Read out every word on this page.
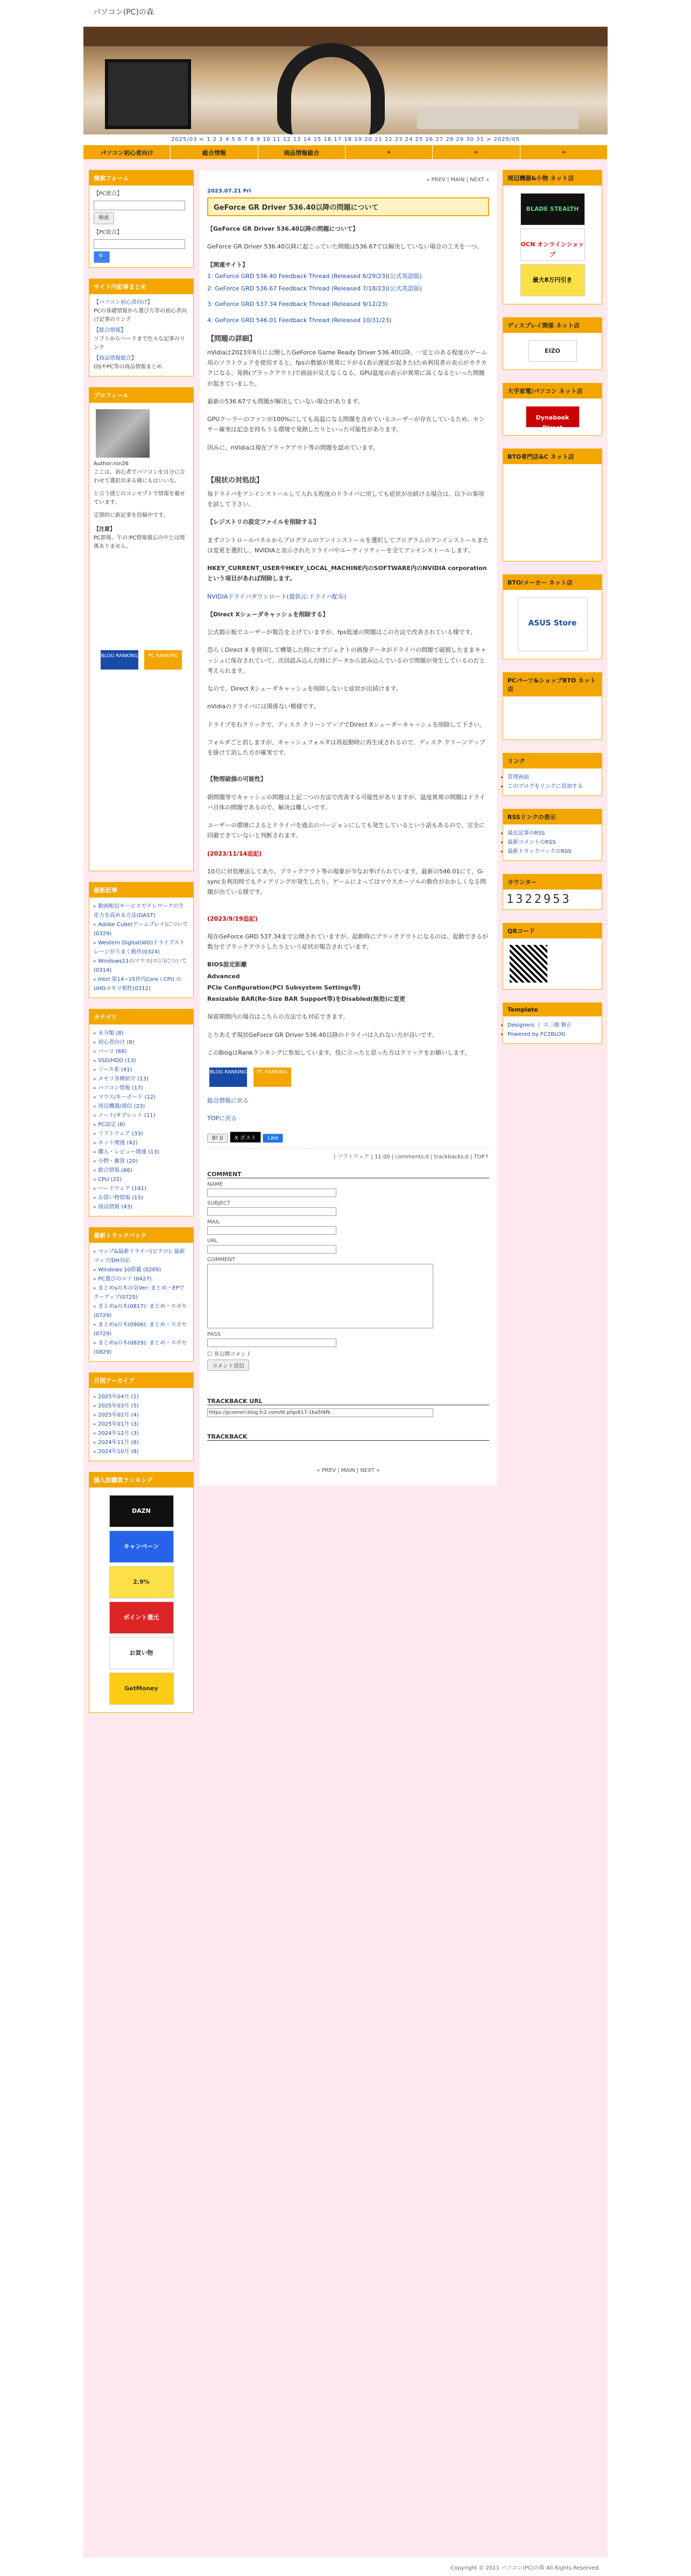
パソコン(PC)の森
2025/03 < 1 2 3 4 5 6 7 8 9 10 11 12 13 14 15 16 17 18 19 20 21 22 23 24 25 26 27 28 29 30 31 > 2025/05
パソコン初心者向け	総合情報	商品情報総合	»	»	»
検索フォーム
【PC総合】
検索
【PC総合】
🔍
サイト内記事まとめ
【パソコン初心者向け】
PCの基礎情報から選び方等の初心者向け記事のリンク
【総合情報】
ソフトからハードまで色々な記事のリンク
【商品情報総合】
OSやPC等の商品情報まとめ
プロフィール
Author:nin26
ここは、初心者でパソコンを自分に合わせて選択出来る様にもはいいな。
と言う感じのコンセプトで情報を載せています。
定期的に新記事を投稿中です。
【注意】
PC即報、午の:PC情報備忘の中とは関係ありません。
BLOG RANKING PC RANKING
最新記事
▸ 動画配信サービスでテレワークの生産力を高める方法(DAST)
▸ Adobe Cube(ゲームプレイ)について(0329)
▸ Western Digital(WD)ドライブストレージがうまく動作(0324)
▸ Windows11のマウス(ロジ)について(0314)
▸ Intel 第14~15世代Core i CPU のUHDメモリ相性(0312)
カテゴリ
▸ 未分類 (8)
▸ 初心者向け (8)
▸ パーツ (68)
▸ SSD/HDD (13)
▸ ソース系 (41)
▸ メモリ各種紹介 (13)
▸ パソコン情報 (17)
▸ マウス/キーボード (12)
▸ 周辺機器/通信 (23)
▸ ノート/タブレット (11)
▸ PC設定 (8)
▸ ソフトウェア (33)
▸ ネット関連 (42)
▸ 購入・レビュー関連 (13)
▸ 小物・雑貨 (20)
▸ 総合情報 (66)
▸ CPU (22)
▸ ハードウェア (191)
▸ お買い物情報 (15)
▸ 商品情報 (43)
最新トラックバック
▸ マップ&最新ドライバ(ピクロ): 最新マップ/DH対応
▸ Windows 10搭載 (0209)
▸ PC選びのコツ (0427)
▸ まとめsの木の気Ver: まとめ・EPでクーアップ(0725)
▸ まとめsの木(0817): まとめ・スポセ(0729)
▸ まとめsの木(0906): まとめ・スポセ(0729)
▸ まとめsの木(0829): まとめ・スポセ(0829)
月別アーカイブ
▸ 2025年04月 (1)
▸ 2025年03月 (5)
▸ 2025年02月 (4)
▸ 2025年01月 (3)
▸ 2024年12月 (3)
▸ 2024年11月 (6)
▸ 2024年10月 (8)
個人的購買ランキング
DAZN
キャンペーン
2.9%
ポイント還元
お買い物
GetMoney
« PREV | MAIN | NEXT »
2023.07.21 Fri
GeForce GR Driver 536.40以降の問題について
【GeForce GR Driver 536.40以降の問題について】
GeForce GR Driver 536.40以降に起こっていた問題は536.67で以解決していない場合の工夫を一つ。
【関連サイト】
1: GeForce GRD 536.40 Feedback Thread (Released 6/29/23)(公式英語版)
2: GeForce GRD 536.67 Feedback Thread (Released 7/18/23)(公式英語版)
3: GeForce GRD 537.34 Feedback Thread (Released 9/12/23)
4: GeForce GRD 546.01 Feedback Thread (Released 10/31/23)
【問題の詳細】
nVidiaは2023年6月に公開したGeForce Game Ready Driver 536.40以降、一定とのある程度のゲーム用のソフトウェアを使用すると、fpsの数値が異常に下がる(表示遅延が起きた)ため利用者の表示がカクカクになる、発熱(ブラックアウト)で画面が見えなくなる、GPU温度の表示が異常に高くなるといった問題が起きていました。
最新の536.67でも問題が解決していない場合があります。
GPUクーラーのファンが100%にしても高温になる問題を含めているユーザーが存在しているため、センサー確実は記念を持ちうる環境で発熱したりといった可能性があります。
因みに、nVidiaは現在ブラックアウト等の問題を認めています。
【現状の対処法】
毎ドライバをアンインストールして入れる程度のドライバに戻しても症状が出続ける場合は、以下の事項を試して下さい。
【レジストリの設定ファイルを削除する】
まずコントロールパネルからプログラムのアンインストールを選択してプログラムのアンインストールまたは変更を選択し、NVIDIAと表示されたドライバやユーティリティーを全てアンインストールします。
HKEY_CURRENT_USERやHKEY_LOCAL_MACHINE内のSOFTWARE内のNVIDIA corporationという項目があれば削除します。
NVIDIAドライバダウンロード(提供元:ドライバ配布)
【Direct Xシェーダキャッシュを削除する】
公式掲示板でユーザーが報告を上げていますが、fps低速の問題はこの方法で改善されている様です。
恐らくDirect X を使用して構築した時にオブジェクトの画像データがドライバの問題で破損したままキャッシュに保存されていて、次回読み込んだ時にデータから読み込んでいるので問題が発生しているのだと考えられます。
なので、Direct Xシェーダキャッシュを削除しないと症状が出続けます。
nVidiaのドライバには関係ない模様です。
ドライブを右クリックで、ディスク クリーンアップでDirect Xシェーダーキャッシュを削除して下さい。
フォルダごと消しますが、キャッシュフォルダは再起動時に再生成されるので、ディスク クリーンアップを掛けて消した方が確実です。
【物理破損の可能性】
朝問題等でキャッシュの問題は上記二つの方法で改善する可能性がありますが、温度異常の問題はドライバ自体の問題であるので、解決は難しいです。
ユーザーの環境によるとドライバを過去のバージョンにしても発生しているという話もあるので、完全に回避できていないと判断されます。
(2023/11/14追記)
10月に対処療法してあり、ブラックアウト等の現象が今なお挙げられています。最新の546.01にて、G-syncを利用時でもティアリングが発生したり、ゲームによってはマウスカーソルの動作がおかしくなる問題が出ている様です。
(2023/9/19追記)
現在GeForce GRD 537.34まで公開されていますが、起動時にブラックアウトになるのは、起動できるが数分でブラックアウトしたりという症状が報告されています。
BIOS設定距離
Advanced
PCIe Configuration(PCI Subsystem Settings等)
Resizable BAR(Re-Size BAR Support等)をDisabled(無効)に変更
保留期間内の場合はこちらの方法でも対応できます。
とりあえず現状GeForce GR Driver 536.40以降のドライバは入れない方が良いです。
このBlogはRankランキングに参加しています。役に立ったと思った方はクリックをお願いします。
BLOG RANKING PC RANKING
総合情報に戻る
TOPに戻る
B! 0 X ポスト Like
| ソフトウェア | 11:00 | comments:0 | trackbacks:0 | TOP↑
COMMENT
NAME
SUBJECT
MAIL
URL
COMMENT
PASS
☐ 非公開コメント
コメント送信
TRACKBACK URL
https://pcomori.blog.fc2.com/tb.php/617-1ba5f4fb
TRACKBACK
« PREV | MAIN | NEXT »
周辺機器&小物 ネット店
BLADE STEALTH
OCN オンラインショップ
最大8万円引き
ディスプレイ関係 ネット店
EIZO
大手家電/パソコン ネット店
Dynabook Direct
BTO専門店&C ネット店
BTO/メーカー ネット店
ASUS Store
PCパーツ&ショップBTO ネット店
リンク
• 管理画面
• このブログをリンクに追加する
RSSリンクの表示
• 最近記事のRSS
• 最新コメントのRSS
• 最新トラックバックのRSS
カウンター
1322953
QRコード
Template
• Designers ミ ス三様 修正
• Powered by FC2BLOG
Copyright © 2011 パソコン(PC)の森 All Rights Reserved.
